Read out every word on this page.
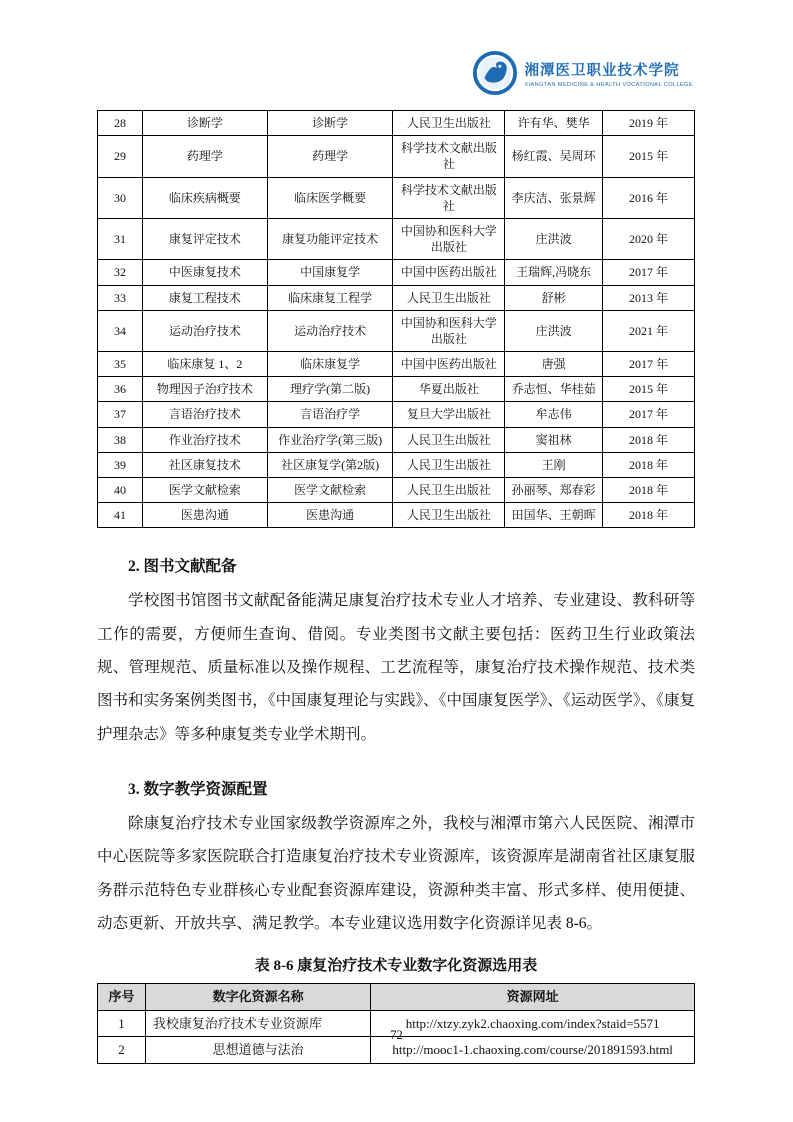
湘潭医卫职业技术学院
XIANGTAN MEDICINE & HEALTH VOCATIONAL COLLEGE
28	诊断学	诊断学	人民卫生出版社	许有华、樊华	2019 年
29	药理学	药理学	科学技术文献出版社	杨红霞、吴周环	2015 年
30	临床疾病概要	临床医学概要	科学技术文献出版社	李庆洁、张景辉	2016 年
31	康复评定技术	康复功能评定技术	中国协和医科大学出版社	庄洪波	2020 年
32	中医康复技术	中国康复学	中国中医药出版社	王瑞辉,冯晓东	2017 年
33	康复工程技术	临床康复工程学	人民卫生出版社	舒彬	2013 年
34	运动治疗技术	运动治疗技术	中国协和医科大学出版社	庄洪波	2021 年
35	临床康复 1、2	临床康复学	中国中医药出版社	唐强	2017 年
36	物理因子治疗技术	理疗学(第二版)	华夏出版社	乔志恒、华桂茹	2015 年
37	言语治疗技术	言语治疗学	复旦大学出版社	牟志伟	2017 年
38	作业治疗技术	作业治疗学(第三版)	人民卫生出版社	窦祖林	2018 年
39	社区康复技术	社区康复学(第2版)	人民卫生出版社	王刚	2018 年
40	医学文献检索	医学文献检索	人民卫生出版社	孙丽琴、郑春彩	2018 年
41	医患沟通	医患沟通	人民卫生出版社	田国华、王朝晖	2018 年
2. 图书文献配备

学校图书馆图书文献配备能满足康复治疗技术专业人才培养、专业建设、教科研等工作的需要，方便师生查询、借阅。专业类图书文献主要包括：医药卫生行业政策法规、管理规范、质量标准以及操作规程、工艺流程等，康复治疗技术操作规范、技术类图书和实务案例类图书，《中国康复理论与实践》、《中国康复医学》、《运动医学》、《康复护理杂志》等多种康复类专业学术期刊。

3. 数字教学资源配置

除康复治疗技术专业国家级教学资源库之外，我校与湘潭市第六人民医院、湘潭市中心医院等多家医院联合打造康复治疗技术专业资源库，该资源库是湖南省社区康复服务群示范特色专业群核心专业配套资源库建设，资源种类丰富、形式多样、使用便捷、动态更新、开放共享、满足教学。本专业建议选用数字化资源详见表 8-6。

表 8-6 康复治疗技术专业数字化资源选用表
序号	数字化资源名称	资源网址
1	我校康复治疗技术专业资源库	http://xtzy.zyk2.chaoxing.com/index?staid=5571
2	思想道德与法治	http://mooc1-1.chaoxing.com/course/201891593.html
72
